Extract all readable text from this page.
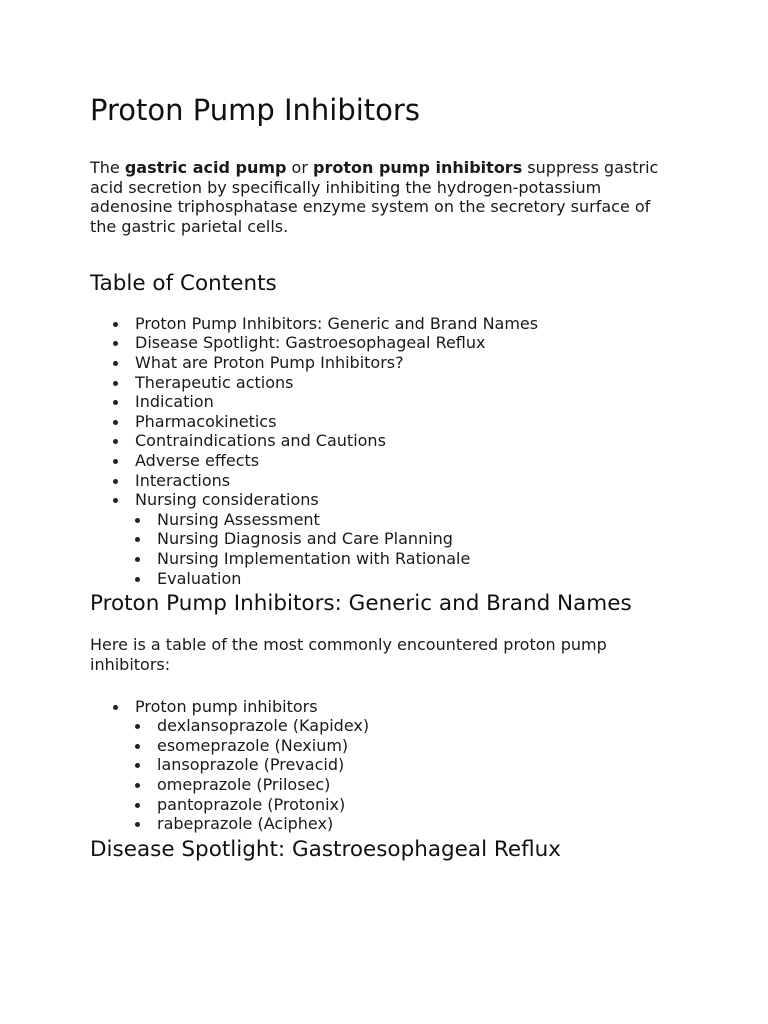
Proton Pump Inhibitors

The gastric acid pump or proton pump inhibitors suppress gastric acid secretion by specifically inhibiting the hydrogen-potassium adenosine triphosphatase enzyme system on the secretory surface of the gastric parietal cells.

Table of Contents
Proton Pump Inhibitors: Generic and Brand Names
Disease Spotlight: Gastroesophageal Reflux
What are Proton Pump Inhibitors?
Therapeutic actions
Indication
Pharmacokinetics
Contraindications and Cautions
Adverse effects
Interactions
Nursing considerations
Nursing Assessment
Nursing Diagnosis and Care Planning
Nursing Implementation with Rationale
Evaluation
Proton Pump Inhibitors: Generic and Brand Names

Here is a table of the most commonly encountered proton pump inhibitors:

Proton pump inhibitors
dexlansoprazole (Kapidex)
esomeprazole (Nexium)
lansoprazole (Prevacid)
omeprazole (Prilosec)
pantoprazole (Protonix)
rabeprazole (Aciphex)
Disease Spotlight: Gastroesophageal Reflux
